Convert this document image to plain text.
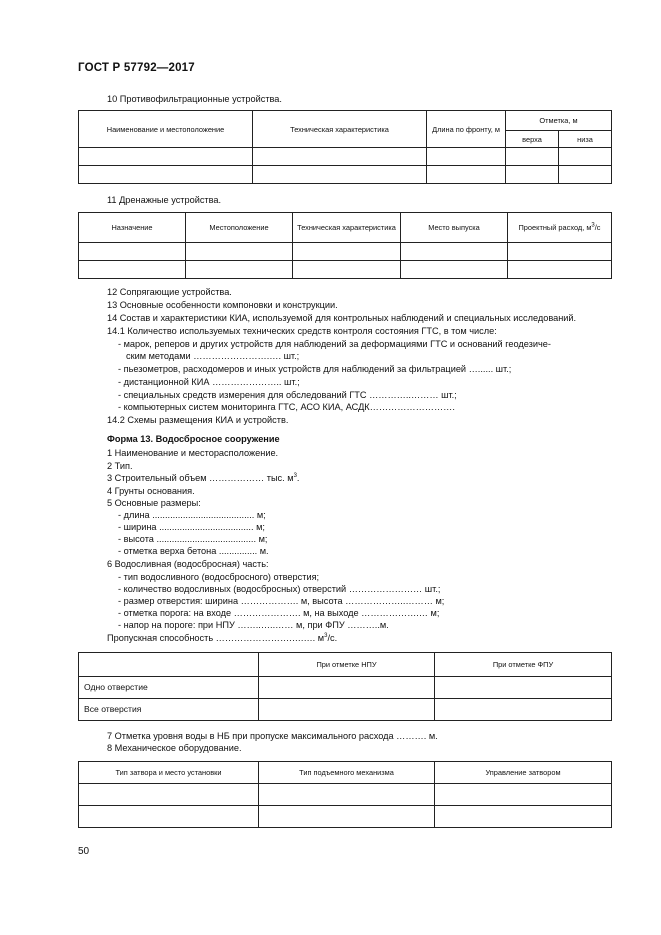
ГОСТ Р 57792—2017
10 Противофильтрационные устройства.
Наименование и местоположение	Техническая характеристика	Длина по фронту, м	Отметка, м	
			верха	низа

11 Дренажные устройства.
Назначение	Местоположение	Техническая характеристика	Место выпуска	Проектный расход, $м^3/с$

12 Сопрягающие устройства.
13 Основные особенности компоновки и конструкции.
14 Состав и характеристики КИА, используемой для контрольных наблюдений и специальных исследований.
14.1 Количество используемых технических средств контроля состояния ГТС, в том числе:
- марок, реперов и других устройств для наблюдений за деформациями ГТС и оснований геодезиче-
ским методами …………………….…. шт.;
- пьезометров, расходомеров и иных устройств для наблюдений за фильтрацией …...... шт.;
- дистанционной КИА ………………….. шт.;
- специальных средств измерения для обследований ГТС …………..……… шт.;
- компьютерных систем мониторинга ГТС, АСО КИА, АСДК……………………….
14.2 Схемы размещения КИА и устройств.
Форма 13. Водосбросное сооружение
1 Наименование и месторасположение.
2 Тип.
3 Строительный объем ……………… тыс. $м^3$.
4 Грунты основания.
5 Основные размеры:
- длина ........................................ м;
- ширина ..................................... м;
- высота ....................................... м;
- отметка верха бетона ............... м.
6 Водосливная (водосбросная) часть:
- тип водосливного (водосбросного) отверстия;
- количество водосливных (водосбросных) отверстий …………………… шт.;
- размер отверстия: ширина ………………. м, высота ………………..……… м;
- отметка порога: на входе …………………. м, на выходе ……………….… м;
- напор на пороге: при НПУ ……..…..…… м, при ФПУ ………..м.
Пропускная способность …………………….….…. $м^3/с$.
	При отметке НПУ	При отметке ФПУ
Одно отверстие		
Все отверстия		
7 Отметка уровня воды в НБ при пропуске максимального расхода ………. м.
8 Механическое оборудование.
Тип затвора и место установки	Тип подъемного механизма	Управление затвором

50
